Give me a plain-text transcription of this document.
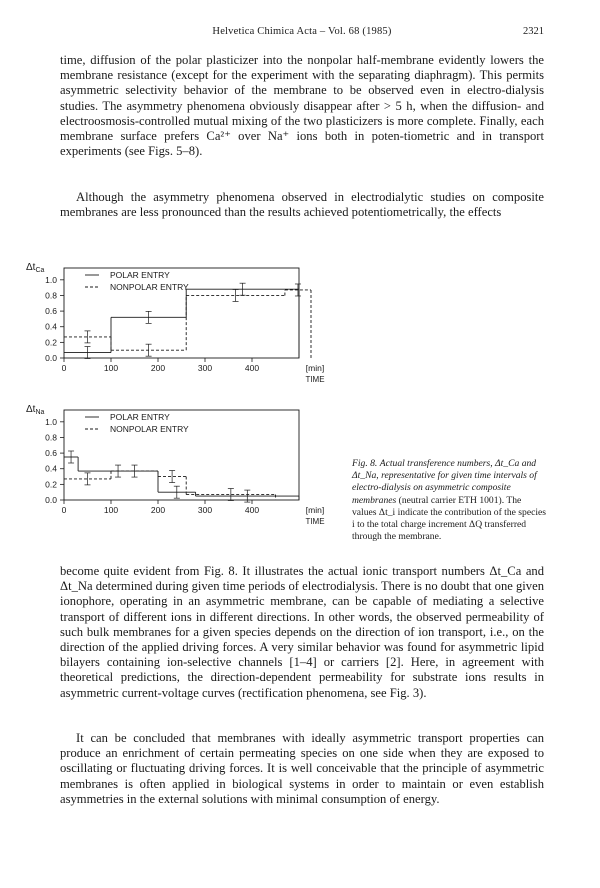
Helvetica Chimica Acta – Vol. 68 (1985)	2321

time, diffusion of the polar plasticizer into the nonpolar half-membrane evidently lowers the membrane resistance (except for the experiment with the separating diaphragm). This permits asymmetric selectivity behavior of the membrane to be observed even in electro-dialysis studies. The asymmetry phenomena obviously disappear after > 5 h, when the diffusion- and electroosmosis-controlled mutual mixing of the two plasticizers is more complete. Finally, each membrane surface prefers Ca²⁺ over Na⁺ ions both in poten-tiometric and in transport experiments (see Figs. 5–8).

Although the asymmetry phenomena observed in electrodialytic studies on composite membranes are less pronounced than the results achieved potentiometrically, the effects

$\Delta t_{Ca}$
0.0
0.2
0.4
0.6
0.8
1.0
0	100	200	300	400	[min]
TIME
POLAR ENTRY
NONPOLAR ENTRY
$\Delta t_{Na}$
0.0
0.2
0.4
0.6
0.8
1.0
0	100	200	300	400	[min]
TIME
POLAR ENTRY
NONPOLAR ENTRY

Fig. 8. Actual transference numbers, Δt_Ca and Δt_Na, representative for given time intervals of electro-dialysis on asymmetric composite membranes (neutral carrier ETH 1001). The values Δt_i indicate the contribution of the species i to the total charge increment ΔQ transferred through the membrane.

become quite evident from Fig. 8. It illustrates the actual ionic transport numbers Δt_Ca and Δt_Na determined during given time periods of electrodialysis. There is no doubt that one given ionophore, operating in an asymmetric membrane, can be capable of mediating a selective transport of different ions in different directions. In other words, the observed permeability of such bulk membranes for a given species depends on the direction of ion transport, i.e., on the direction of the applied driving forces. A very similar behavior was found for asymmetric lipid bilayers containing ion-selective channels [1–4] or carriers [2]. Here, in agreement with theoretical predictions, the direction-dependent permeability for substrate ions results in asymmetric current-voltage curves (rectification phenomena, see Fig. 3).

It can be concluded that membranes with ideally asymmetric transport properties can produce an enrichment of certain permeating species on one side when they are exposed to oscillating or fluctuating driving forces. It is well conceivable that the principle of asymmetric membranes is often applied in biological systems in order to maintain or even establish asymmetries in the external solutions with minimal consumption of energy.
